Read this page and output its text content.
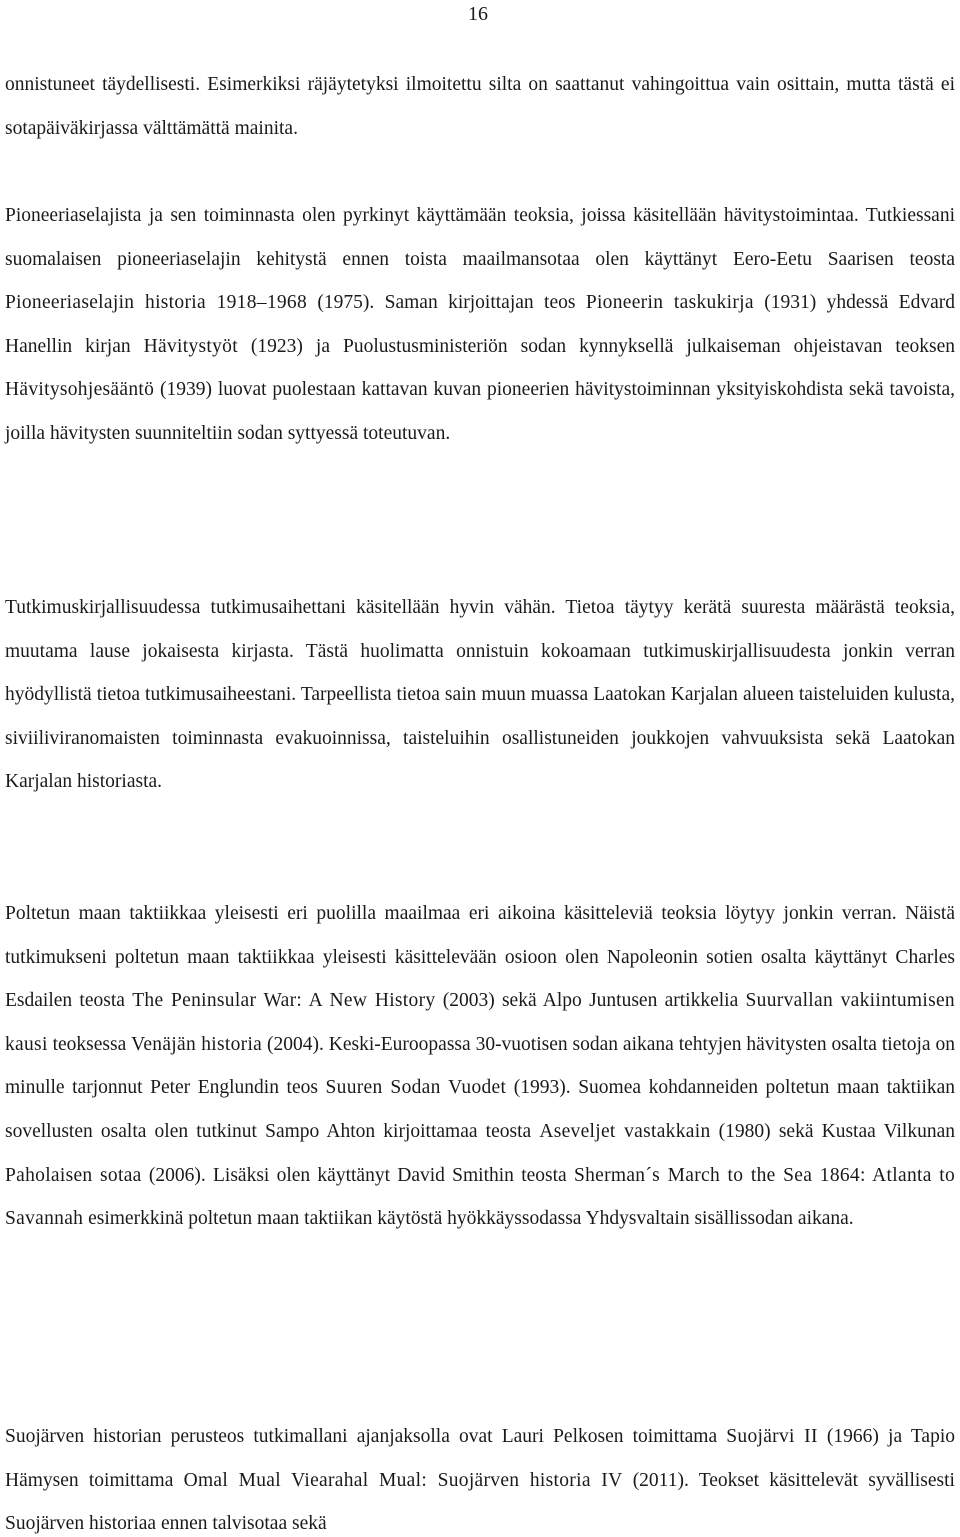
16

onnistuneet täydellisesti. Esimerkiksi räjäytetyksi ilmoitettu silta on saattanut vahingoittua vain osittain, mutta tästä ei sotapäiväkirjassa välttämättä mainita.

Pioneeriaselajista ja sen toiminnasta olen pyrkinyt käyttämään teoksia, joissa käsitellään hävitystoimintaa. Tutkiessani suomalaisen pioneeriaselajin kehitystä ennen toista maailmansotaa olen käyttänyt Eero-Eetu Saarisen teosta Pioneeriaselajin historia 1918–1968 (1975). Saman kirjoittajan teos Pioneerin taskukirja (1931) yhdessä Edvard Hanellin kirjan Hävitystyöt (1923) ja Puolustusministeriön sodan kynnyksellä julkaiseman ohjeistavan teoksen Hävitysohjesääntö (1939) luovat puolestaan kattavan kuvan pioneerien hävitystoiminnan yksityiskohdista sekä tavoista, joilla hävitysten suunniteltiin sodan syttyessä toteutuvan.

Tutkimuskirjallisuudessa tutkimusaihettani käsitellään hyvin vähän. Tietoa täytyy kerätä suuresta määrästä teoksia, muutama lause jokaisesta kirjasta. Tästä huolimatta onnistuin kokoamaan tutkimuskirjallisuudesta jonkin verran hyödyllistä tietoa tutkimusaiheestani. Tarpeellista tietoa sain muun muassa Laatokan Karjalan alueen taisteluiden kulusta, siviiliviranomaisten toiminnasta evakuoinnissa, taisteluihin osallistuneiden joukkojen vahvuuksista sekä Laatokan Karjalan historiasta.

Poltetun maan taktiikkaa yleisesti eri puolilla maailmaa eri aikoina käsitteleviä teoksia löytyy jonkin verran. Näistä tutkimukseni poltetun maan taktiikkaa yleisesti käsittelevään osioon olen Napoleonin sotien osalta käyttänyt Charles Esdailen teosta The Peninsular War: A New History (2003) sekä Alpo Juntusen artikkelia Suurvallan vakiintumisen kausi teoksessa Venäjän historia (2004). Keski-Euroopassa 30-vuotisen sodan aikana tehtyjen hävitysten osalta tietoja on minulle tarjonnut Peter Englundin teos Suuren Sodan Vuodet (1993). Suomea kohdanneiden poltetun maan taktiikan sovellusten osalta olen tutkinut Sampo Ahton kirjoittamaa teosta Aseveljet vastakkain (1980) sekä Kustaa Vilkunan Paholaisen sotaa (2006). Lisäksi olen käyttänyt David Smithin teosta Sherman´s March to the Sea 1864: Atlanta to Savannah esimerkkinä poltetun maan taktiikan käytöstä hyökkäyssodassa Yhdysvaltain sisällissodan aikana.

Suojärven historian perusteos tutkimallani ajanjaksolla ovat Lauri Pelkosen toimittama Suojärvi II (1966) ja Tapio Hämysen toimittama Omal Mual Viearahal Mual: Suojärven historia IV (2011). Teokset käsittelevät syvällisesti Suojärven historiaa ennen talvisotaa sekä
